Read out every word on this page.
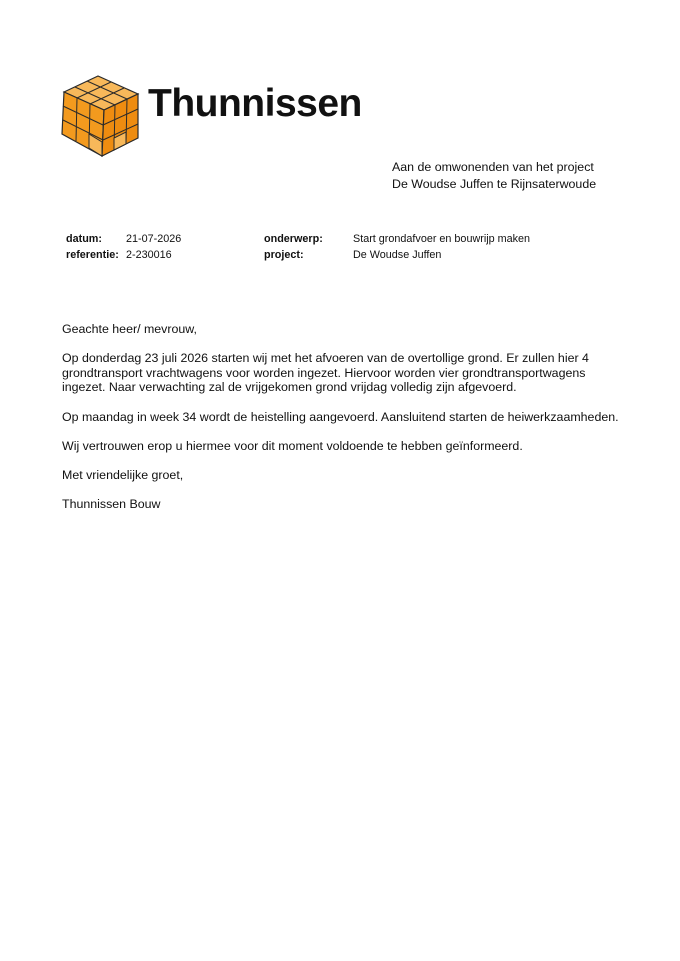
Thunnissen
Aan de omwonenden van het project
De Woudse Juffen te Rijnsaterwoude
datum: 21-07-2026
referentie: 2-230016
onderwerp:	Start grondafvoer en bouwrijp maken
project:	De Woudse Juffen

Geachte heer/ mevrouw,

Op donderdag 23 juli 2026 starten wij met het afvoeren van de overtollige grond. Er zullen hier 4 grondtransport vrachtwagens voor worden ingezet. Hiervoor worden vier grondtransportwagens ingezet. Naar verwachting zal de vrijgekomen grond vrijdag volledig zijn afgevoerd.

Op maandag in week 34 wordt de heistelling aangevoerd. Aansluitend starten de heiwerkzaamheden.

Wij vertrouwen erop u hiermee voor dit moment voldoende te hebben geïnformeerd.

Met vriendelijke groet,

Thunnissen Bouw
